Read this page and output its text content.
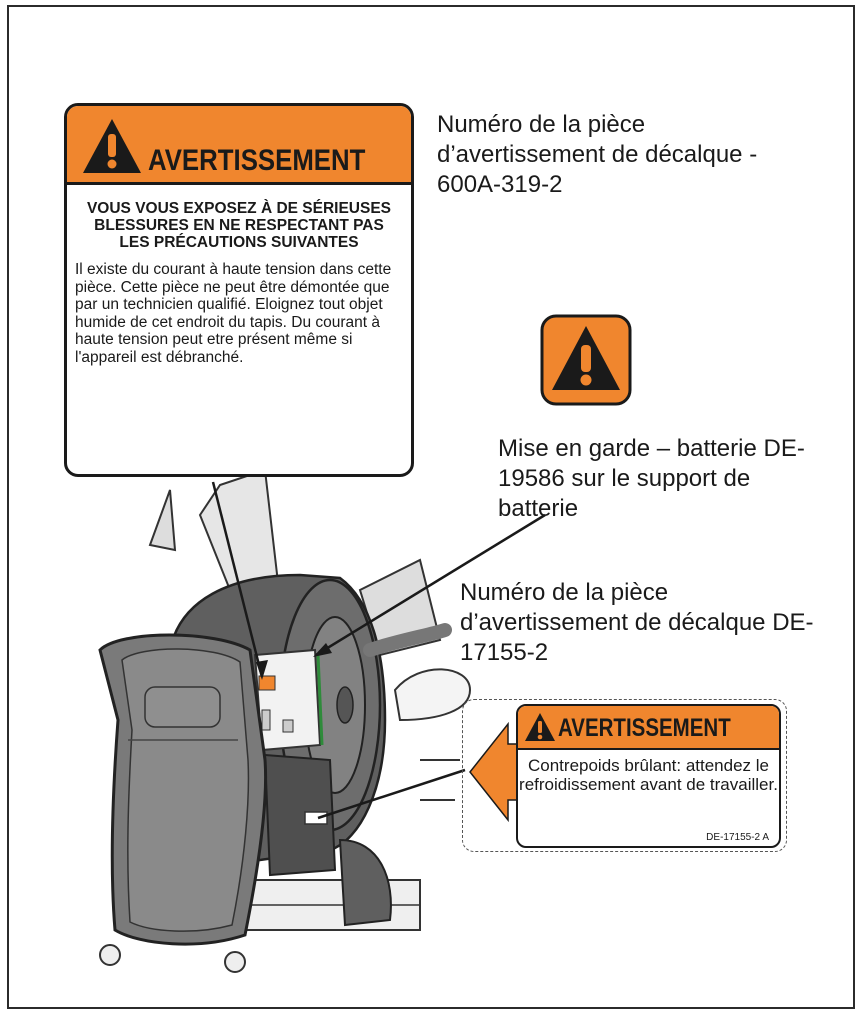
AVERTISSEMENT
VOUS VOUS EXPOSEZ À DE SÉRIEUSES BLESSURES EN NE RESPECTANT PAS LES PRÉCAUTIONS SUIVANTES
Il existe du courant à haute tension dans cette pièce. Cette pièce ne peut être démontée que par un technicien qualifié. Eloignez tout objet humide de cet endroit du tapis. Du courant à haute tension peut etre présent même si l'appareil est débranché.
Numéro de la pièce d’avertissement de décalque - 600A-319-2
Mise en garde – batterie DE-19586 sur le support de batterie
Numéro de la pièce d’avertissement de décalque DE-17155-2
AVERTISSEMENT
Contrepoids brûlant: attendez le refroidissement avant de travailler.
DE-17155-2 A
